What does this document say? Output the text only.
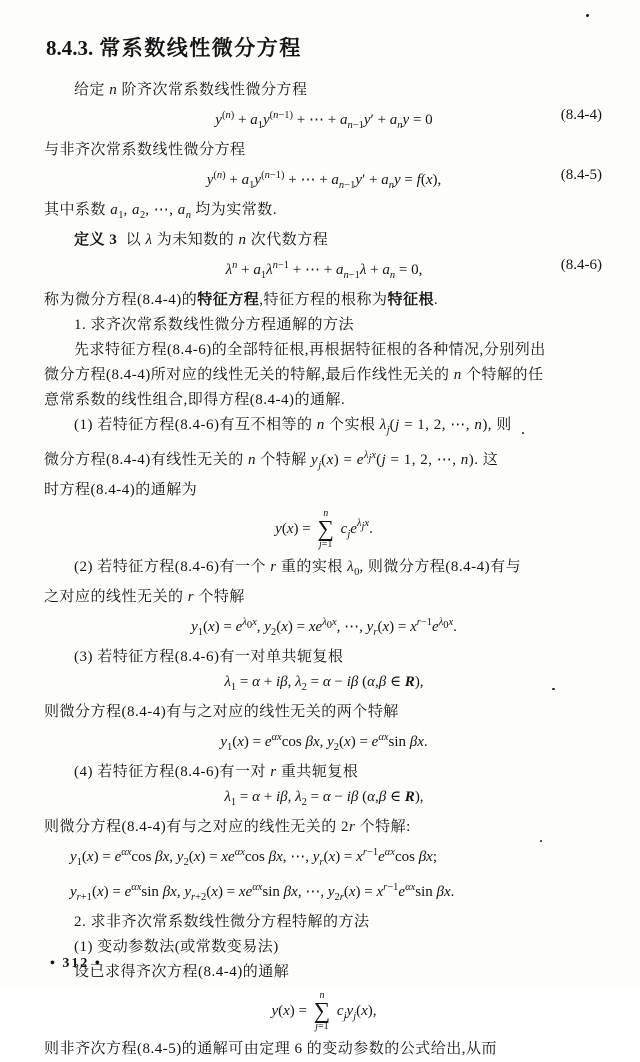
8.4.3. 常系数线性微分方程
给定 n 阶齐次常系数线性微分方程
$y^{(n)} + a_1y^{(n-1)}$ + ⋯ + $a_{n-1}y' + a_ny = 0$	(8.4-4)
与非齐次常系数线性微分方程
$y^{(n)} + a_1y^{(n-1)}$ + ⋯ + $a_{n-1}y' + a_ny = f(x)$,	(8.4-5)
其中系数 $a_1$, $a_2$, ⋯, $a_n$ 均为实常数.
定义 3  以 λ 为未知数的 n 次代数方程
$\lambda^n + a_1\lambda^{n-1}$ + ⋯ + $a_{n-1}\lambda + a_n = 0$,	(8.4-6)
称为微分方程(8.4-4)的特征方程,特征方程的根称为特征根.
1. 求齐次常系数线性微分方程通解的方法
先求特征方程(8.4-6)的全部特征根,再根据特征根的各种情况,分别列出
微分方程(8.4-4)所对应的线性无关的特解,最后作线性无关的 n 个特解的任
意常系数的线性组合,即得方程(8.4-4)的通解.
(1) 若特征方程(8.4-6)有互不相等的 n 个实根 $\lambda_j(j = 1$, 2, ⋯, n), 则
微分方程(8.4-4)有线性无关的 n 个特解 $y_j(x) = e^{\lambda_jx}(j = 1$, 2, ⋯, n). 这
时方程(8.4-4)的通解为
y(x) =
n
∑
j=1
$c_je^{\lambda_jx}$.
(2) 若特征方程(8.4-6)有一个 r 重的实根 $\lambda_0$, 则微分方程(8.4-4)有与
之对应的线性无关的 r 个特解
$y_1(x) = e^{\lambda_0x}$, $y_2(x) = xe^{\lambda_0x}$, ⋯, $y_r(x) = x^{r-1}e^{\lambda_0x}$.
(3) 若特征方程(8.4-6)有一对单共轭复根
$\lambda_1 = \alpha + i\beta$, $\lambda_2 = \alpha - i\beta$ (α,β ∈ R),
则微分方程(8.4-4)有与之对应的线性无关的两个特解
$y_1(x) = e^{\alpha x}\cos$ βx, $y_2(x) = e^{\alpha x}\sin$ βx.
(4) 若特征方程(8.4-6)有一对 r 重共轭复根
$\lambda_1 = \alpha + i\beta$, $\lambda_2 = \alpha - i\beta$ (α,β ∈ R),
则微分方程(8.4-4)有与之对应的线性无关的 2r 个特解:
$y_1(x) = e^{\alpha x}\cos$ βx, $y_2(x) = xe^{\alpha x}\cos$ βx, ⋯, $y_r(x) = x^{r-1}e^{\alpha x}\cos$ βx;
$y_{r+1}(x) = e^{\alpha x}\sin$ βx, $y_{r+2}(x) = xe^{\alpha x}\sin$ βx, ⋯, $y_{2r}(x) = x^{r-1}e^{\alpha x}\sin$ βx.
2. 求非齐次常系数线性微分方程特解的方法
(1) 变动参数法(或常数变易法)
设已求得齐次方程(8.4-4)的通解
y(x) =
n
∑
j=1
$c_jy_j(x)$,
则非齐次方程(8.4-5)的通解可由定理 6 的变动参数的公式给出,从而
• 312 •
